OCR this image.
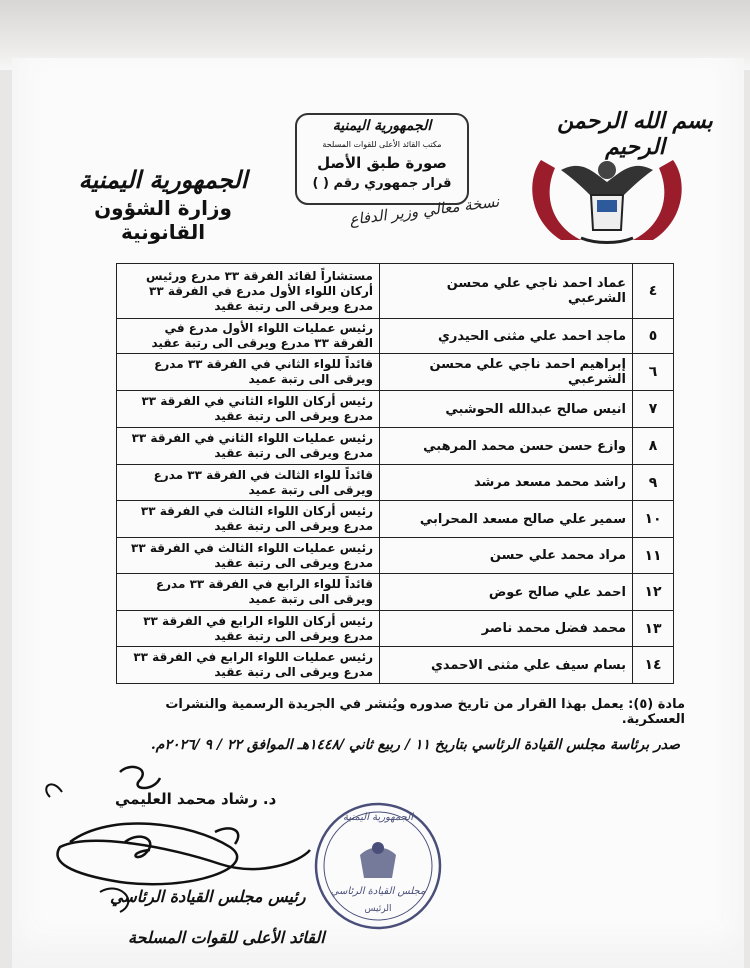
بسم الله الرحمن الرحيم
الجمهورية اليمنية
مكتب القائد الأعلى للقوات المسلحة
صورة طبق الأصل
قرار جمهوري رقم ( )
نسخة معالي وزير الدفاع
الجمهورية اليمنية
وزارة الشؤون القانونية
٤	عماد احمد ناجي علي محسن الشرعبي	مستشاراً لقائد الفرقة ٣٣ مدرع ورئيس أركان اللواء الأول مدرع في الفرقة ٣٣ مدرع ويرقى الى رتبة عقيد
٥	ماجد احمد علي مثنى الحيدري	رئيس عمليات اللواء الأول مدرع في الفرقة ٣٣ مدرع ويرقى الى رتبة عقيد
٦	إبراهيم احمد ناجي علي محسن الشرعبي	قائداً للواء الثاني في الفرقة ٣٣ مدرع ويرقى الى رتبة عميد
٧	انيس صالح عبدالله الحوشبي	رئيس أركان اللواء الثاني في الفرقة ٣٣ مدرع ويرقى الى رتبة عقيد
٨	وازع حسن حسن محمد المرهبي	رئيس عمليات اللواء الثاني في الفرقة ٣٣ مدرع ويرقى الى رتبة عقيد
٩	راشد محمد مسعد مرشد	قائداً للواء الثالث في الفرقة ٣٣ مدرع ويرقى الى رتبة عميد
١٠	سمير علي صالح مسعد المحرابي	رئيس أركان اللواء الثالث في الفرقة ٣٣ مدرع ويرقى الى رتبة عقيد
١١	مراد محمد علي حسن	رئيس عمليات اللواء الثالث في الفرقة ٣٣ مدرع ويرقى الى رتبة عقيد
١٢	احمد علي صالح عوض	قائداً للواء الرابع في الفرقة ٣٣ مدرع ويرقى الى رتبة عميد
١٣	محمد فضل محمد ناصر	رئيس أركان اللواء الرابع في الفرقة ٣٣ مدرع ويرقى الى رتبة عقيد
١٤	بسام سيف علي مثنى الاحمدي	رئيس عمليات اللواء الرابع في الفرقة ٣٣ مدرع ويرقى الى رتبة عقيد
مادة (٥): يعمل بهذا القرار من تاريخ صدوره ويُنشر في الجريدة الرسمية والنشرات العسكرية.
صدر برئاسة مجلس القيادة الرئاسي بتاريخ ١١ / ربيع ثاني /١٤٤٨هـ الموافق ٢٢ / ٩ /٢٠٢٦م.
د. رشاد محمد العليمي
رئيس مجلس القيادة الرئاسي
القائد الأعلى للقوات المسلحة
الجمهورية اليمنية
مجلس القيادة الرئاسي
الرئيس
